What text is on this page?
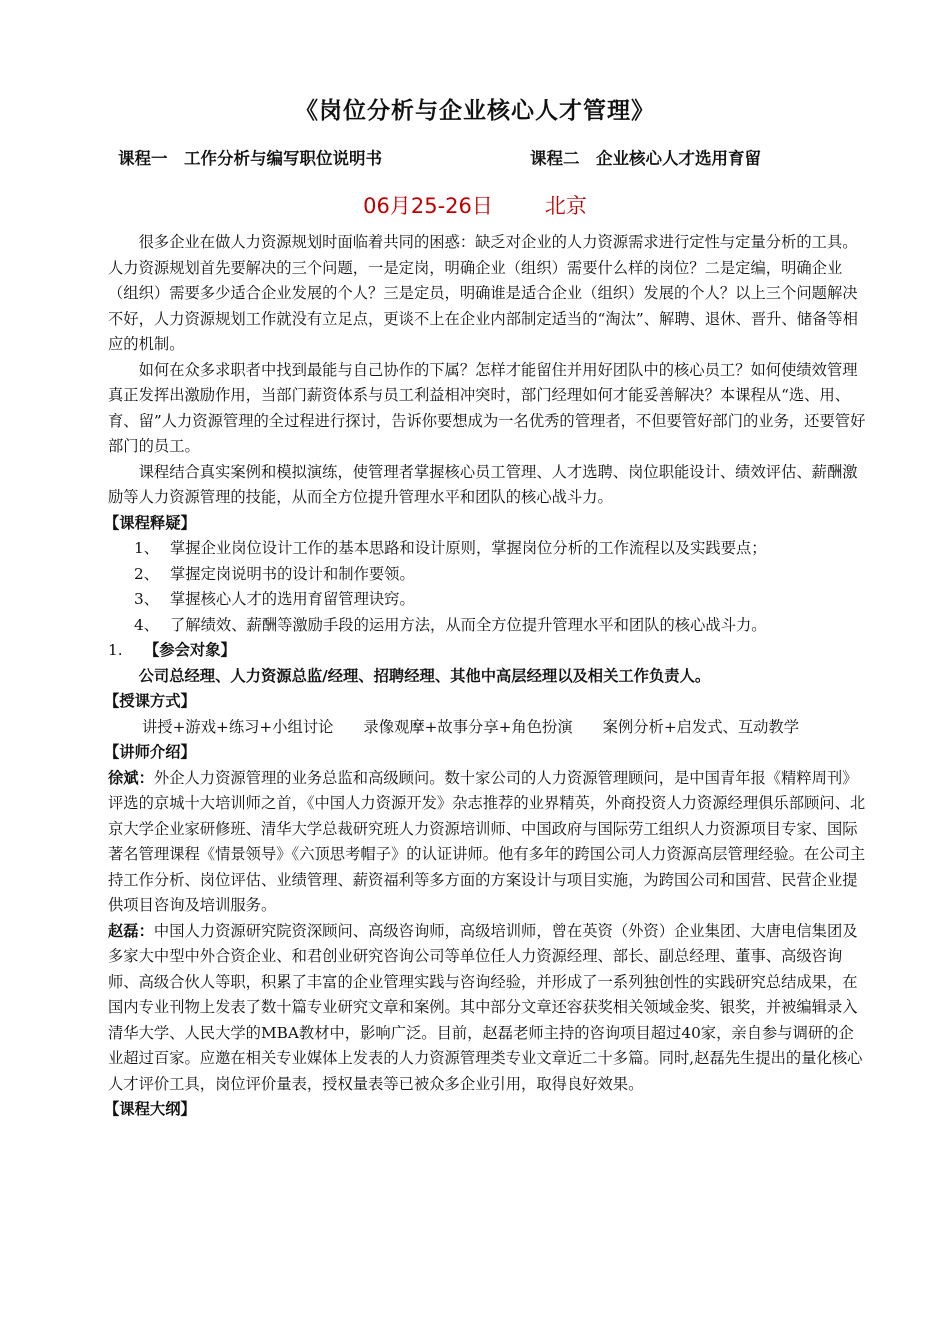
《岗位分析与企业核心人才管理》
课程一　工作分析与编写职位说明书	课程二　企业核心人才选用育留
06月25-26日 北京

很多企业在做人力资源规划时面临着共同的困惑：缺乏对企业的人力资源需求进行定性与定量分析的工具。人力资源规划首先要解决的三个问题，一是定岗，明确企业（组织）需要什么样的岗位？二是定编，明确企业（组织）需要多少适合企业发展的个人？三是定员，明确谁是适合企业（组织）发展的个人？以上三个问题解决不好，人力资源规划工作就没有立足点，更谈不上在企业内部制定适当的“淘汰”、解聘、退休、晋升、储备等相应的机制。

如何在众多求职者中找到最能与自己协作的下属？怎样才能留住并用好团队中的核心员工？如何使绩效管理真正发挥出激励作用，当部门薪资体系与员工利益相冲突时，部门经理如何才能妥善解决？本课程从“选、用、育、留”人力资源管理的全过程进行探讨，告诉你要想成为一名优秀的管理者，不但要管好部门的业务，还要管好部门的员工。

课程结合真实案例和模拟演练，使管理者掌握核心员工管理、人才选聘、岗位职能设计、绩效评估、薪酬激励等人力资源管理的技能，从而全方位提升管理水平和团队的核心战斗力。

【课程释疑】

1、 掌握企业岗位设计工作的基本思路和设计原则，掌握岗位分析的工作流程以及实践要点；

2、 掌握定岗说明书的设计和制作要领。

3、 掌握核心人才的选用育留管理诀窍。

4、 了解绩效、薪酬等激励手段的运用方法，从而全方位提升管理水平和团队的核心战斗力。

1. 【参会对象】

公司总经理、人力资源总监/经理、招聘经理、其他中高层经理以及相关工作负责人。

【授课方式】

讲授+游戏+练习+小组讨论 录像观摩+故事分享+角色扮演 案例分析+启发式、互动教学

【讲师介绍】

徐斌：外企人力资源管理的业务总监和高级顾问。数十家公司的人力资源管理顾问，是中国青年报《精粹周刊》评选的京城十大培训师之首，《中国人力资源开发》杂志推荐的业界精英，外商投资人力资源经理俱乐部顾问、北京大学企业家研修班、清华大学总裁研究班人力资源培训师、中国政府与国际劳工组织人力资源项目专家、国际著名管理课程《情景领导》《六顶思考帽子》的认证讲师。他有多年的跨国公司人力资源高层管理经验。在公司主持工作分析、岗位评估、业绩管理、薪资福利等多方面的方案设计与项目实施，为跨国公司和国营、民营企业提供项目咨询及培训服务。

赵磊：中国人力资源研究院资深顾问、高级咨询师，高级培训师，曾在英资（外资）企业集团、大唐电信集团及多家大中型中外合资企业、和君创业研究咨询公司等单位任人力资源经理、部长、副总经理、董事、高级咨询师、高级合伙人等职，积累了丰富的企业管理实践与咨询经验，并形成了一系列独创性的实践研究总结成果，在国内专业刊物上发表了数十篇专业研究文章和案例。其中部分文章还容获奖相关领域金奖、银奖，并被编辑录入清华大学、人民大学的MBA教材中，影响广泛。目前，赵磊老师主持的咨询项目超过40家，亲自参与调研的企业超过百家。应邀在相关专业媒体上发表的人力资源管理类专业文章近二十多篇。同时,赵磊先生提出的量化核心人才评价工具，岗位评价量表，授权量表等已被众多企业引用，取得良好效果。

【课程大纲】
